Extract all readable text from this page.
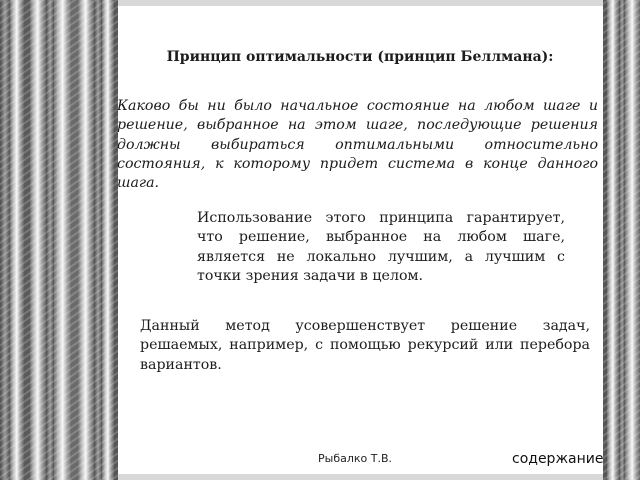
Принцип оптимальности (принцип Беллмана):

Каково бы ни было начальное состояние на любом шаге и решение, выбранное на этом шаге, последующие решения должны выбираться оптимальными относительно состояния, к которому придет система в конце данного шага.

Использование этого принципа гарантирует, что решение, выбранное на любом шаге, является не локально лучшим, а лучшим с точки зрения задачи в целом.

Данный метод усовершенствует решение задач, решаемых, например, с помощью рекурсий или перебора вариантов.

Рыбалко Т.В.	содержание
